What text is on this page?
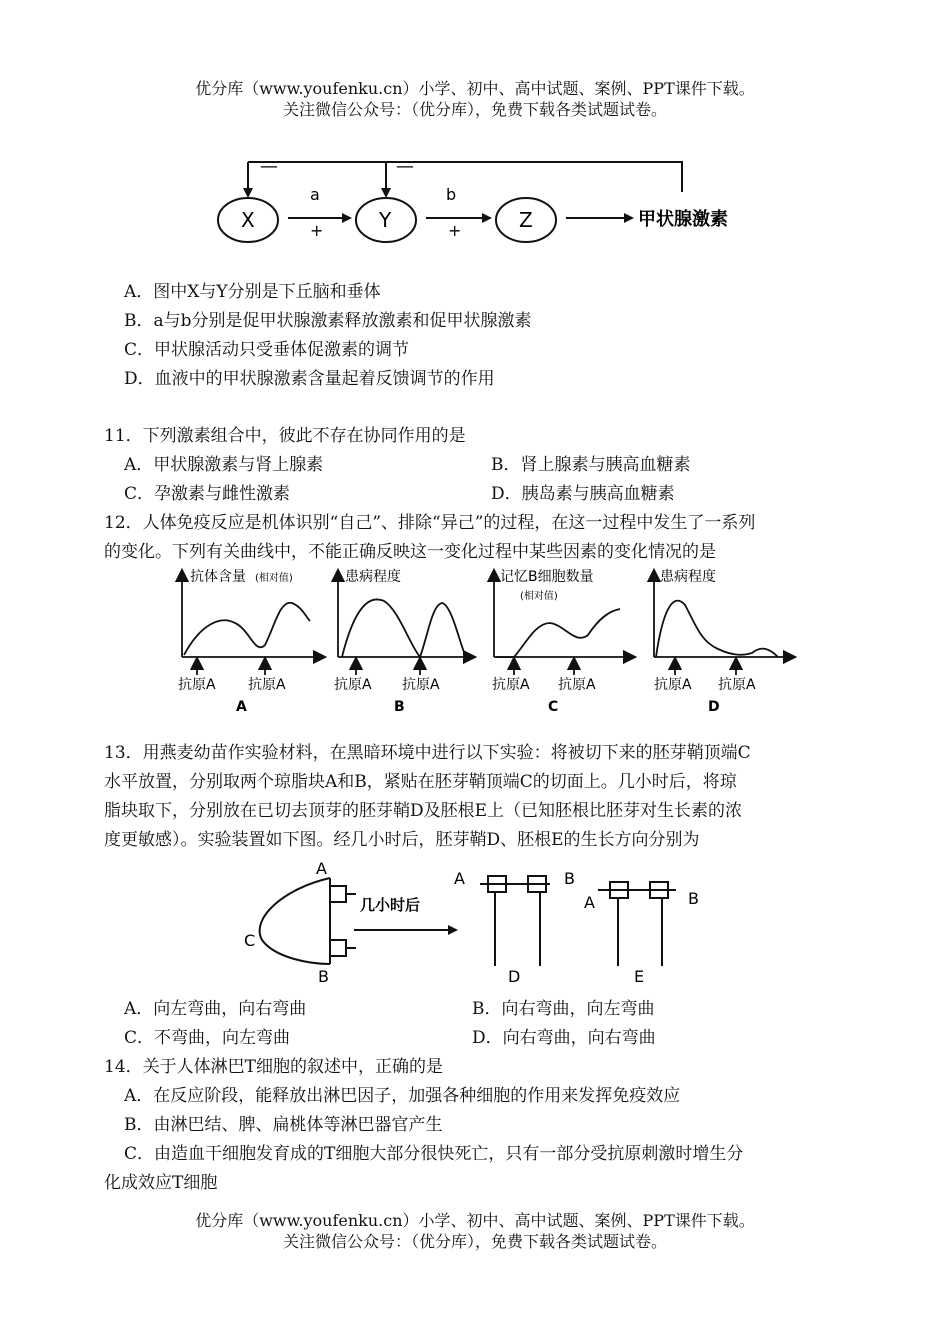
优分库（www.youfenku.cn）小学、初中、高中试题、案例、PPT课件下载。
关注微信公众号：（优分库），免费下载各类试题试卷。
—	—
X	Y	Z
a	b
+	+
甲状腺激素
A．图中X与Y分别是下丘脑和垂体
B．a与b分别是促甲状腺激素释放激素和促甲状腺激素
C．甲状腺活动只受垂体促激素的调节
D．血液中的甲状腺激素含量起着反馈调节的作用
11．下列激素组合中，彼此不存在协同作用的是
A．甲状腺激素与肾上腺素	B．肾上腺素与胰高血糖素
C．孕激素与雌性激素	D．胰岛素与胰高血糖素
12．人体免疫反应是机体识别“自己”、排除“异己”的过程，在这一过程中发生了一系列
的变化。下列有关曲线中，不能正确反映这一变化过程中某些因素的变化情况的是
抗体含量 (相对值)	患病程度	记忆B细胞数量
(相对值)
患病程度
抗原A 抗原A	抗原A 抗原A	抗原A 抗原A	抗原A 抗原A
A	B	C	D
13．用燕麦幼苗作实验材料，在黑暗环境中进行以下实验：将被切下来的胚芽鞘顶端C
水平放置，分别取两个琼脂块A和B，紧贴在胚芽鞘顶端C的切面上。几小时后，将琼
脂块取下，分别放在已切去顶芽的胚芽鞘D及胚根E上（已知胚根比胚芽对生长素的浓
度更敏感）。实验装置如下图。经几小时后，胚芽鞘D、胚根E的生长方向分别为
A
B
C
几小时后
A	B
D
A	B
E
A．向左弯曲，向右弯曲	B．向右弯曲，向左弯曲
C．不弯曲，向左弯曲	D．向右弯曲，向右弯曲
14．关于人体淋巴T细胞的叙述中，正确的是
A．在反应阶段，能释放出淋巴因子，加强各种细胞的作用来发挥免疫效应
B．由淋巴结、脾、扁桃体等淋巴器官产生
C．由造血干细胞发育成的T细胞大部分很快死亡，只有一部分受抗原刺激时增生分
化成效应T细胞
优分库（www.youfenku.cn）小学、初中、高中试题、案例、PPT课件下载。
关注微信公众号：（优分库），免费下载各类试题试卷。
